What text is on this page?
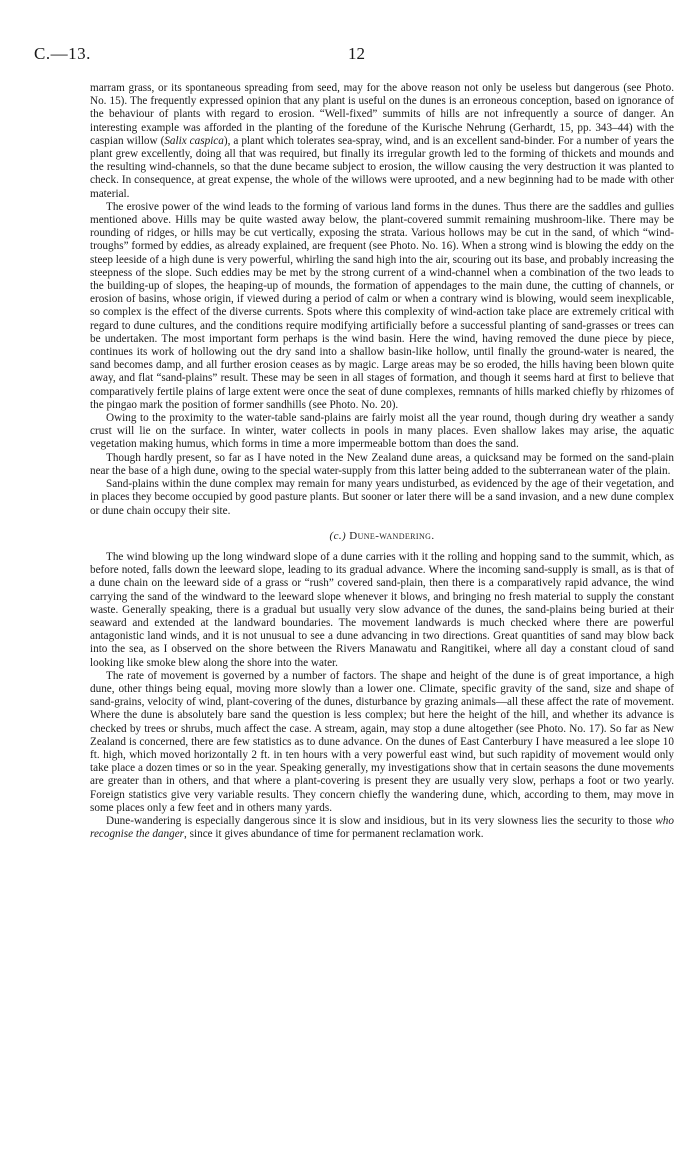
C.—13.	12

marram grass, or its spontaneous spreading from seed, may for the above reason not only be useless but dangerous (see Photo. No. 15). The frequently expressed opinion that any plant is useful on the dunes is an erroneous conception, based on ignorance of the behaviour of plants with regard to erosion. “Well-fixed” summits of hills are not infrequently a source of danger. An interesting example was afforded in the planting of the foredune of the Kurische Nehrung (Gerhardt, 15, pp. 343–44) with the caspian willow (Salix caspica), a plant which tolerates sea-spray, wind, and is an excellent sand-binder. For a number of years the plant grew excellently, doing all that was required, but finally its irregular growth led to the forming of thickets and mounds and the resulting wind-channels, so that the dune became subject to erosion, the willow causing the very destruction it was planted to check. In consequence, at great expense, the whole of the willows were uprooted, and a new beginning had to be made with other material.

The erosive power of the wind leads to the forming of various land forms in the dunes. Thus there are the saddles and gullies mentioned above. Hills may be quite wasted away below, the plant-covered summit remaining mushroom-like. There may be rounding of ridges, or hills may be cut vertically, exposing the strata. Various hollows may be cut in the sand, of which “wind-troughs” formed by eddies, as already explained, are frequent (see Photo. No. 16). When a strong wind is blowing the eddy on the steep leeside of a high dune is very powerful, whirling the sand high into the air, scouring out its base, and probably increasing the steepness of the slope. Such eddies may be met by the strong current of a wind-channel when a combination of the two leads to the building-up of slopes, the heaping-up of mounds, the formation of appendages to the main dune, the cutting of channels, or erosion of basins, whose origin, if viewed during a period of calm or when a contrary wind is blowing, would seem inexplicable, so complex is the effect of the diverse currents. Spots where this complexity of wind-action take place are extremely critical with regard to dune cultures, and the conditions require modifying artificially before a successful planting of sand-grasses or trees can be undertaken. The most important form perhaps is the wind basin. Here the wind, having removed the dune piece by piece, continues its work of hollowing out the dry sand into a shallow basin-like hollow, until finally the ground-water is neared, the sand becomes damp, and all further erosion ceases as by magic. Large areas may be so eroded, the hills having been blown quite away, and flat “sand-plains” result. These may be seen in all stages of formation, and though it seems hard at first to believe that comparatively fertile plains of large extent were once the seat of dune complexes, remnants of hills marked chiefly by rhizomes of the pingao mark the position of former sandhills (see Photo. No. 20).

Owing to the proximity to the water-table sand-plains are fairly moist all the year round, though during dry weather a sandy crust will lie on the surface. In winter, water collects in pools in many places. Even shallow lakes may arise, the aquatic vegetation making humus, which forms in time a more impermeable bottom than does the sand.

Though hardly present, so far as I have noted in the New Zealand dune areas, a quicksand may be formed on the sand-plain near the base of a high dune, owing to the special water-supply from this latter being added to the subterranean water of the plain.

Sand-plains within the dune complex may remain for many years undisturbed, as evidenced by the age of their vegetation, and in places they become occupied by good pasture plants. But sooner or later there will be a sand invasion, and a new dune complex or dune chain occupy their site.

(c.) Dune-wandering.

The wind blowing up the long windward slope of a dune carries with it the rolling and hopping sand to the summit, which, as before noted, falls down the leeward slope, leading to its gradual advance. Where the incoming sand-supply is small, as is that of a dune chain on the leeward side of a grass or “rush” covered sand-plain, then there is a comparatively rapid advance, the wind carrying the sand of the windward to the leeward slope whenever it blows, and bringing no fresh material to supply the constant waste. Generally speaking, there is a gradual but usually very slow advance of the dunes, the sand-plains being buried at their seaward and extended at the landward boundaries. The movement landwards is much checked where there are powerful antagonistic land winds, and it is not unusual to see a dune advancing in two directions. Great quantities of sand may blow back into the sea, as I observed on the shore between the Rivers Manawatu and Rangitikei, where all day a constant cloud of sand looking like smoke blew along the shore into the water.

The rate of movement is governed by a number of factors. The shape and height of the dune is of great importance, a high dune, other things being equal, moving more slowly than a lower one. Climate, specific gravity of the sand, size and shape of sand-grains, velocity of wind, plant-covering of the dunes, disturbance by grazing animals—all these affect the rate of movement. Where the dune is absolutely bare sand the question is less complex; but here the height of the hill, and whether its advance is checked by trees or shrubs, much affect the case. A stream, again, may stop a dune altogether (see Photo. No. 17). So far as New Zealand is concerned, there are few statistics as to dune advance. On the dunes of East Canterbury I have measured a lee slope 10 ft. high, which moved horizontally 2 ft. in ten hours with a very powerful east wind, but such rapidity of movement would only take place a dozen times or so in the year. Speaking generally, my investigations show that in certain seasons the dune movements are greater than in others, and that where a plant-covering is present they are usually very slow, perhaps a foot or two yearly. Foreign statistics give very variable results. They concern chiefly the wandering dune, which, according to them, may move in some places only a few feet and in others many yards.

Dune-wandering is especially dangerous since it is slow and insidious, but in its very slowness lies the security to those who recognise the danger, since it gives abundance of time for permanent reclamation work.
